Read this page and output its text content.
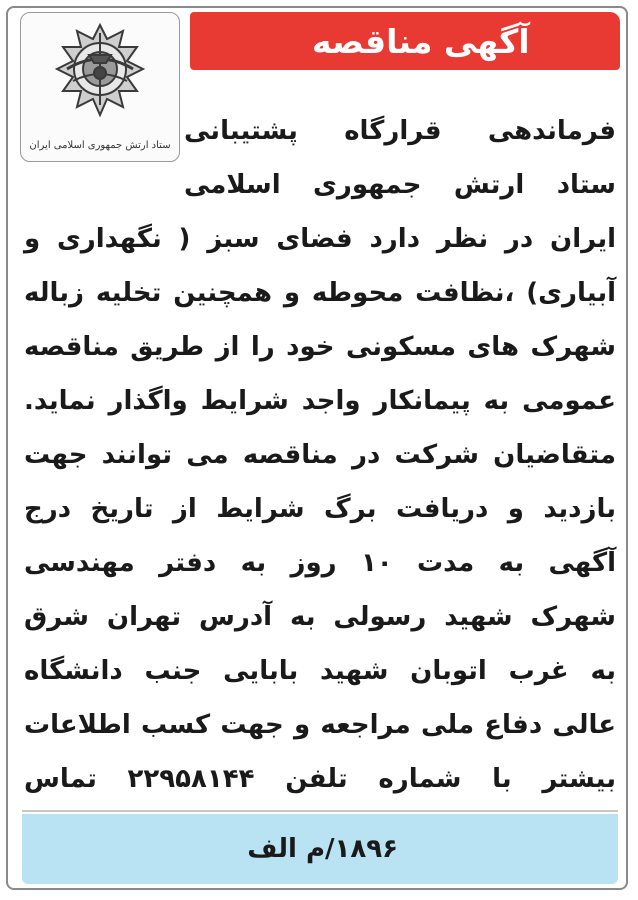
آگهی مناقصه
ستاد ارتش جمهوری اسلامی ایران فرماندهی قرارگاه پشتیبانی
ستاد ارتش جمهوری اسلامی
ایران در نظر دارد فضای سبز ( نگهداری و
آبیاری) ،نظافت محوطه و همچنین تخلیه زباله
شهرک های مسکونی خود را از طریق مناقصه
عمومی به پیمانکار واجد شرایط واگذار نماید.
متقاضیان شرکت در مناقصه می توانند جهت
بازدید و دریافت برگ شرایط از تاریخ درج
آگهی به مدت ۱۰ روز به دفتر مهندسی
شهرک شهید رسولی به آدرس تهران شرق
به غرب اتوبان شهید بابایی جنب دانشگاه
عالی دفاع ملی مراجعه و جهت کسب اطلاعات
بیشتر با شماره تلفن ۲۲۹۵۸۱۴۴ تماس
۱۸۹۶/م الف
